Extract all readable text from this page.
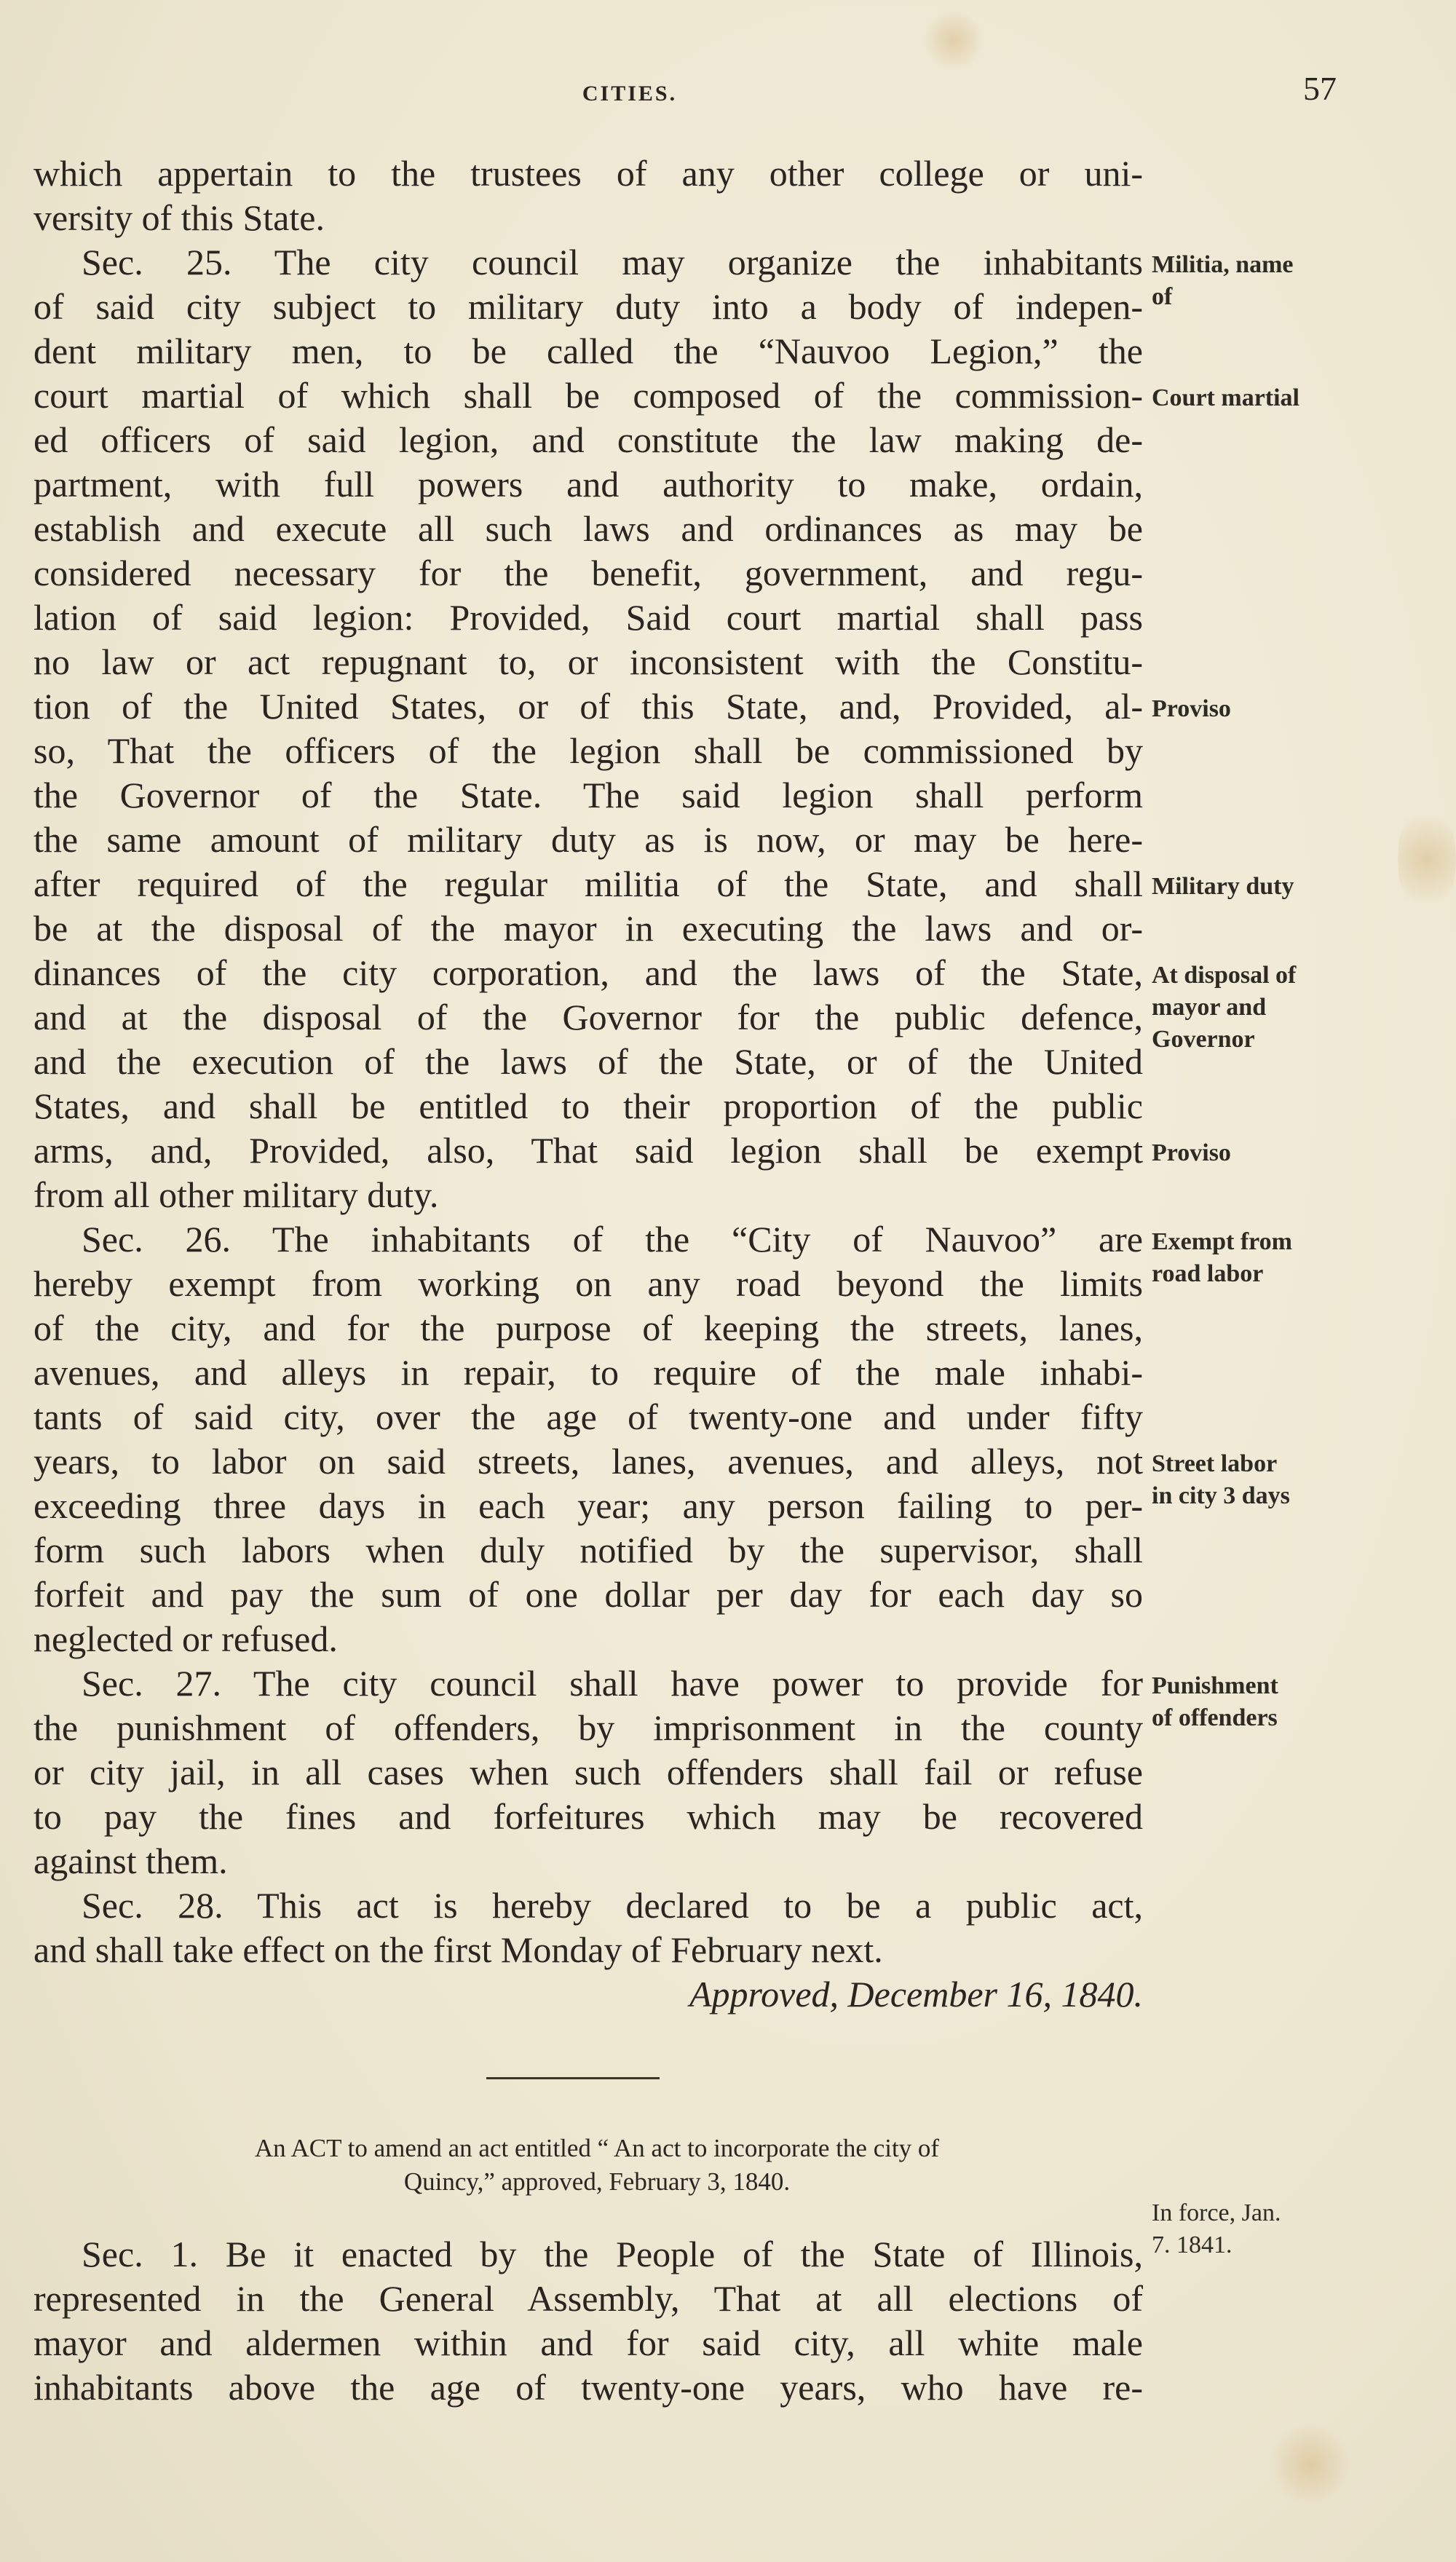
CITIES.	57
which appertain to the trustees of any other college or uni-
versity of this State.
Sec. 25. The city council may organize the inhabitants
of said city subject to military duty into a body of indepen-
dent military men, to be called the “Nauvoo Legion,” the
court martial of which shall be composed of the commission-
ed officers of said legion, and constitute the law making de-
partment, with full powers and authority to make, ordain,
establish and execute all such laws and ordinances as may be
considered necessary for the benefit, government, and regu-
lation of said legion: Provided, Said court martial shall pass
no law or act repugnant to, or inconsistent with the Constitu-
tion of the United States, or of this State, and, Provided, al-
so, That the officers of the legion shall be commissioned by
the Governor of the State. The said legion shall perform
the same amount of military duty as is now, or may be here-
after required of the regular militia of the State, and shall
be at the disposal of the mayor in executing the laws and or-
dinances of the city corporation, and the laws of the State,
and at the disposal of the Governor for the public defence,
and the execution of the laws of the State, or of the United
States, and shall be entitled to their proportion of the public
arms, and, Provided, also, That said legion shall be exempt
from all other military duty.
Sec. 26. The inhabitants of the “City of Nauvoo” are
hereby exempt from working on any road beyond the limits
of the city, and for the purpose of keeping the streets, lanes,
avenues, and alleys in repair, to require of the male inhabi-
tants of said city, over the age of twenty-one and under fifty
years, to labor on said streets, lanes, avenues, and alleys, not
exceeding three days in each year; any person failing to per-
form such labors when duly notified by the supervisor, shall
forfeit and pay the sum of one dollar per day for each day so
neglected or refused.
Sec. 27. The city council shall have power to provide for
the punishment of offenders, by imprisonment in the county
or city jail, in all cases when such offenders shall fail or refuse
to pay the fines and forfeitures which may be recovered
against them.
Sec. 28. This act is hereby declared to be a public act,
and shall take effect on the first Monday of February next.
Approved, December 16, 1840.
Militia, name
of
Court martial
Proviso
Military duty
At disposal of
mayor and
Governor
Proviso
Exempt from
road labor
Street labor
in city 3 days
Punishment
of offenders
An ACT to amend an act entitled “ An act to incorporate the city of
Quincy,” approved, February 3, 1840.
In force, Jan.
7. 1841.
Sec. 1. Be it enacted by the People of the State of Illinois,
represented in the General Assembly, That at all elections of
mayor and aldermen within and for said city, all white male
inhabitants above the age of twenty-one years, who have re-
